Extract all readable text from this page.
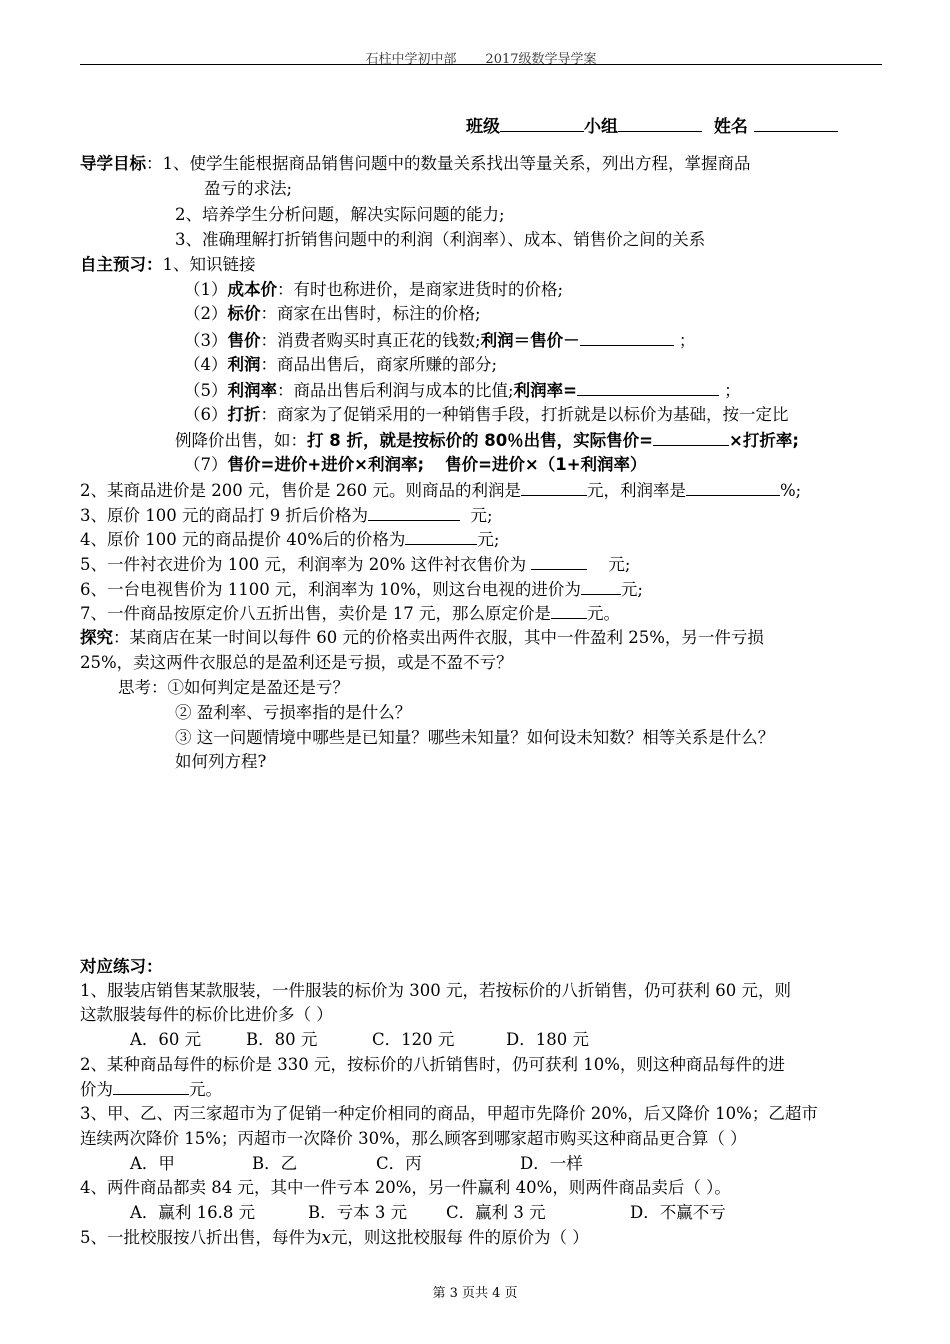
石柱中学初中部 2017级数学导学案
班级	小组	姓名
导学目标：1、使学生能根据商品销售问题中的数量关系找出等量关系，列出方程，掌握商品
盈亏的求法;
2、培养学生分析问题，解决实际问题的能力;
3、准确理解打折销售问题中的利润（利润率）、成本、销售价之间的关系
自主预习：1、知识链接
（1）成本价：有时也称进价，是商家进货时的价格;
（2）标价：商家在出售时，标注的价格;
（3）售价：消费者购买时真正花的钱数;利润＝售价－	；
（4）利润：商品出售后，商家所赚的部分;
（5）利润率：商品出售后利润与成本的比值;利润率=	；
（6）打折：商家为了促销采用的一种销售手段，打折就是以标价为基础，按一定比
例降价出售，如：打 8 折，就是按标价的 80％出售，实际售价=	×打折率;
（7）售价=进价+进价×利润率; 售价=进价×（1+利润率）
2、某商品进价是 200 元，售价是 260 元。则商品的利润是	元，利润率是	%;
3、原价 100 元的商品打 9 折后价格为	元;
4、原价 100 元的商品提价 40%后的价格为	元;
5、一件衬衣进价为 100 元，利润率为 20% 这件衬衣售价为	元;
6、一台电视售价为 1100 元，利润率为 10%，则这台电视的进价为 元;
7、一件商品按原定价八五折出售，卖价是 17 元，那么原定价是 元。
探究：某商店在某一时间以每件 60 元的价格卖出两件衣服，其中一件盈利 25%，另一件亏损
25%，卖这两件衣服总的是盈利还是亏损，或是不盈不亏？
思考：①如何判定是盈还是亏？
② 盈利率、亏损率指的是什么？
③ 这一问题情境中哪些是已知量？哪些未知量？如何设未知数？相等关系是什么？
如何列方程?
对应练习：
1、服装店销售某款服装，一件服装的标价为 300 元，若按标价的八折销售，仍可获利 60 元，则
这款服装每件的标价比进价多（ ）
A．60 元	B．80 元	C．120 元	D．180 元
2、某种商品每件的标价是 330 元，按标价的八折销售时，仍可获利 10%，则这种商品每件的进
价为	元。
3、甲、乙、丙三家超市为了促销一种定价相同的商品，甲超市先降价 20%，后又降价 10%；乙超市
连续两次降价 15%；丙超市一次降价 30%，那么顾客到哪家超市购买这种商品更合算（ ）
A．甲	B．乙	C．丙	D．一样
4、两件商品都卖 84 元，其中一件亏本 20%，另一件赢利 40%，则两件商品卖后（ ）。
A．赢利 16.8 元	B．亏本 3 元 C．赢利 3 元	D．不赢不亏
5、一批校服按八折出售，每件为x元，则这批校服每 件的原价为（ ）
第 3 页共 4 页
